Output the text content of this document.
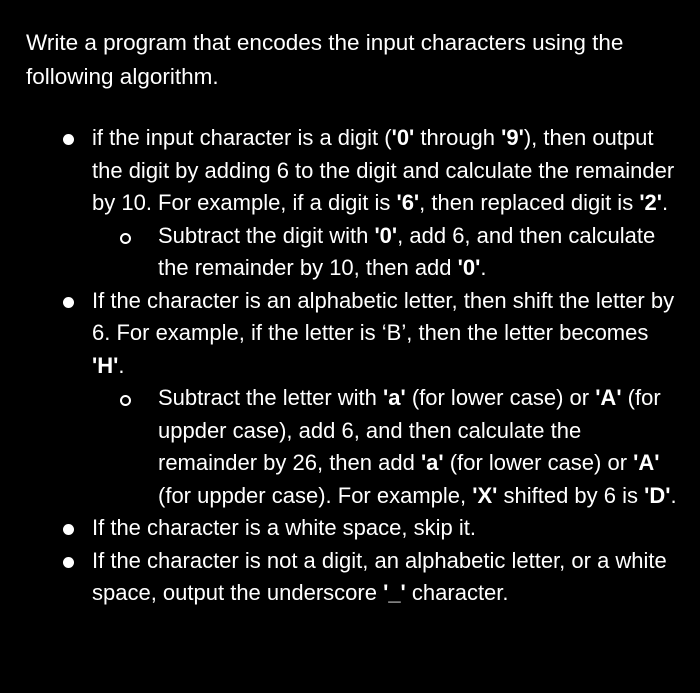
Write a program that encodes the input characters using the following algorithm.

if the input character is a digit ('0' through '9'), then output the digit by adding 6 to the digit and calculate the remainder by 10. For example, if a digit is '6', then replaced digit is '2'.
Subtract the digit with '0', add 6, and then calculate the remainder by 10, then add '0'.
If the character is an alphabetic letter, then shift the letter by 6. For example, if the letter is ‘B’, then the letter becomes 'H'.
Subtract the letter with 'a' (for lower case) or 'A' (for uppder case), add 6, and then calculate the remainder by 26, then add 'a' (for lower case) or 'A' (for uppder case). For example, 'X' shifted by 6 is 'D'.
If the character is a white space, skip it.
If the character is not a digit, an alphabetic letter, or a white space, output the underscore '_' character.
